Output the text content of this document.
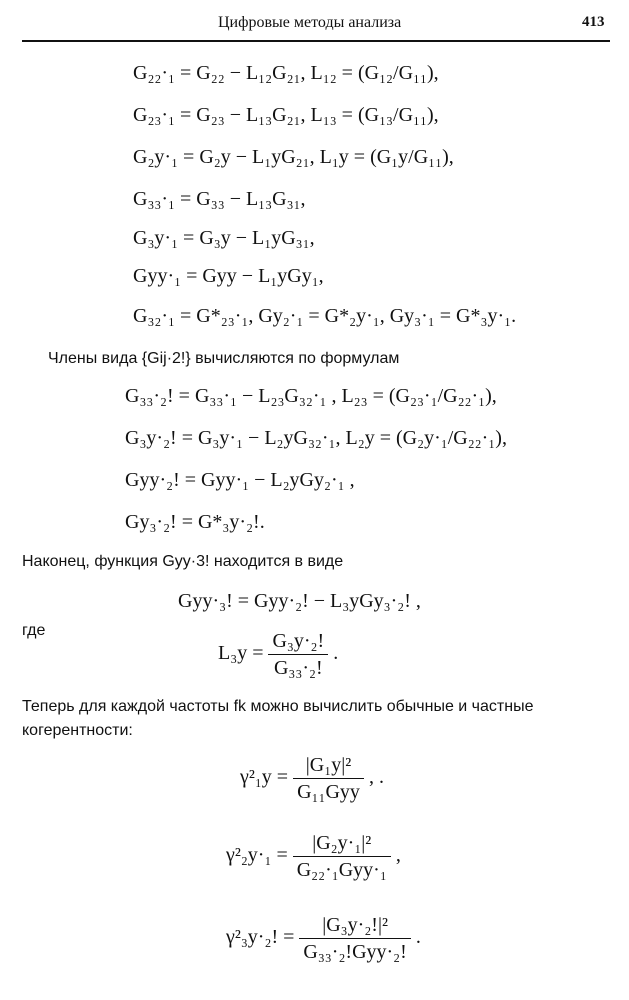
Цифровые методы анализа	413
G₂₂·₁ = G₂₂ − L₁₂G₂₁, L₁₂ = (G₁₂/G₁₁),
G₂₃·₁ = G₂₃ − L₁₃G₂₁, L₁₃ = (G₁₃/G₁₁),
G₂y·₁ = G₂y − L₁yG₂₁, L₁y = (G₁y/G₁₁),
G₃₃·₁ = G₃₃ − L₁₃G₃₁,
G₃y·₁ = G₃y − L₁yG₃₁,
Gyy·₁ = Gyy − L₁yGy₁,
G₃₂·₁ = G*₂₃·₁, Gy₂·₁ = G*₂y·₁, Gy₃·₁ = G*₃y·₁.
Члены вида {Gij·2!} вычисляются по формулам
G₃₃·₂! = G₃₃·₁ − L₂₃G₃₂·₁ , L₂₃ = (G₂₃·₁/G₂₂·₁),
G₃y·₂! = G₃y·₁ − L₂yG₃₂·₁, L₂y = (G₂y·₁/G₂₂·₁),
Gyy·₂! = Gyy·₁ − L₂yGy₂·₁ ,
Gy₃·₂! = G*₃y·₂!.
Наконец, функция Gyy·3! находится в виде
Gyy·₃! = Gyy·₂! − L₃yGy₃·₂! ,
где
$L_3y = \frac{\text{G₃y·₂!}}{\text{G₃₃·₂!}}$ .
Теперь для каждой частоты fk можно вычислить обычные и частные когерентности:
$\gamma^2_1y = \frac{\text{|G₁y|²}}{\text{G₁₁Gyy}}$ , .
$\gamma^2_2y\cdot_1 = \frac{\text{|G₂y·₁|²}}{\text{G₂₂·₁Gyy·₁}}$ ,
γ²₃y·₂! = $\frac{\text{|G₃y·₂!|²}}{\text{G₃₃·₂!Gyy·₂!}}$ .
